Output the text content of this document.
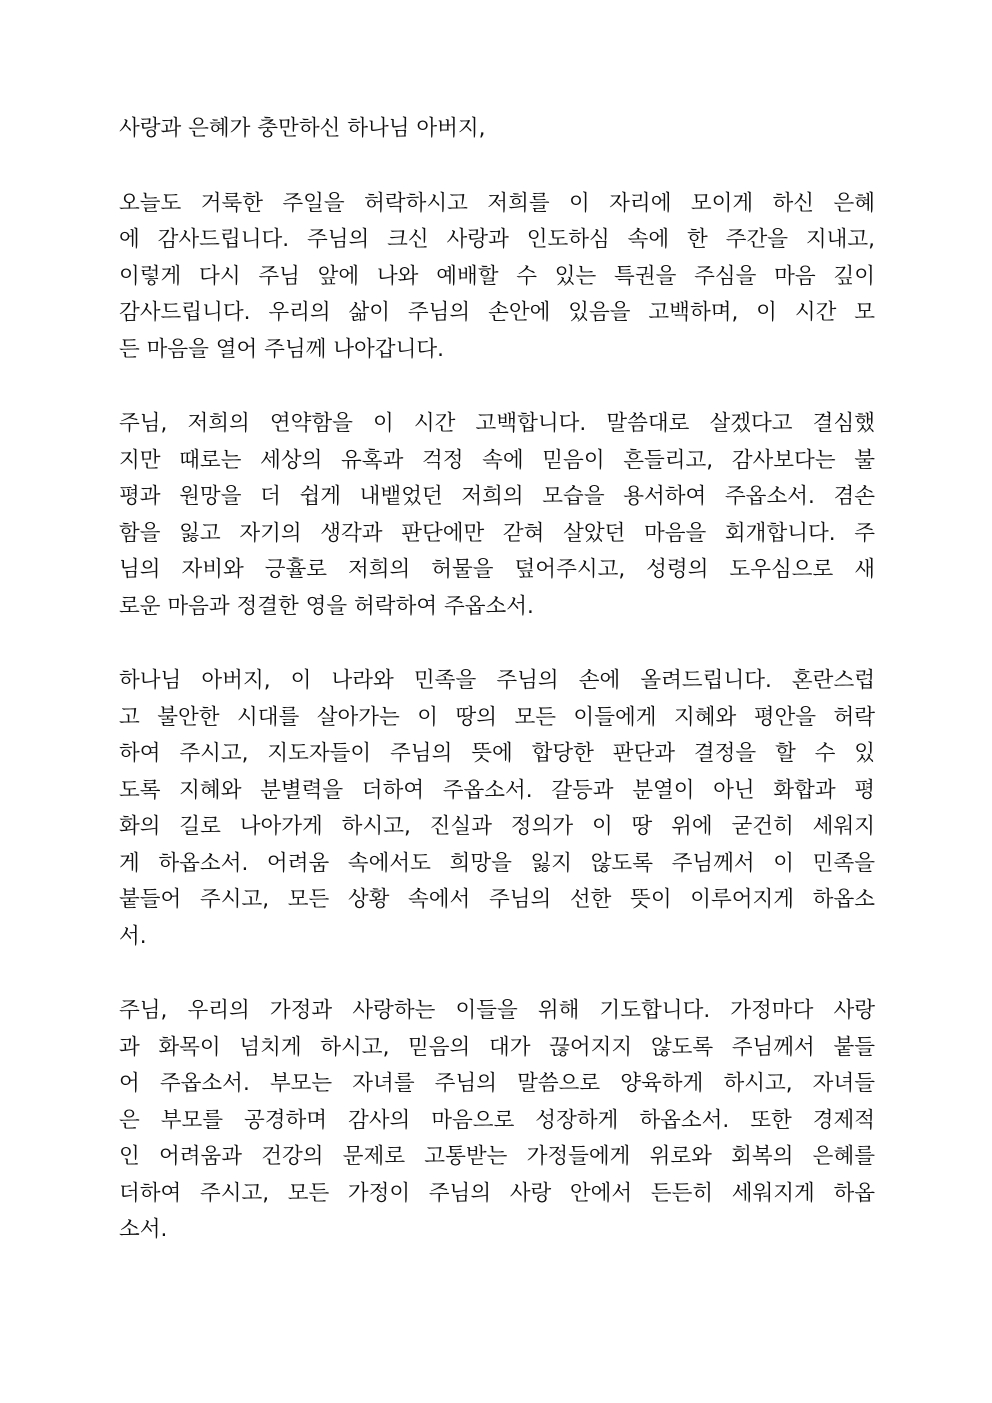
사랑과 은혜가 충만하신 하나님 아버지,

오늘도 거룩한 주일을 허락하시고 저희를 이 자리에 모이게 하신 은혜
에 감사드립니다. 주님의 크신 사랑과 인도하심 속에 한 주간을 지내고,
이렇게 다시 주님 앞에 나와 예배할 수 있는 특권을 주심을 마음 깊이
감사드립니다. 우리의 삶이 주님의 손안에 있음을 고백하며, 이 시간 모
든 마음을 열어 주님께 나아갑니다.

주님, 저희의 연약함을 이 시간 고백합니다. 말씀대로 살겠다고 결심했
지만 때로는 세상의 유혹과 걱정 속에 믿음이 흔들리고, 감사보다는 불
평과 원망을 더 쉽게 내뱉었던 저희의 모습을 용서하여 주옵소서. 겸손
함을 잃고 자기의 생각과 판단에만 갇혀 살았던 마음을 회개합니다. 주
님의 자비와 긍휼로 저희의 허물을 덮어주시고, 성령의 도우심으로 새
로운 마음과 정결한 영을 허락하여 주옵소서.

하나님 아버지, 이 나라와 민족을 주님의 손에 올려드립니다. 혼란스럽
고 불안한 시대를 살아가는 이 땅의 모든 이들에게 지혜와 평안을 허락
하여 주시고, 지도자들이 주님의 뜻에 합당한 판단과 결정을 할 수 있
도록 지혜와 분별력을 더하여 주옵소서. 갈등과 분열이 아닌 화합과 평
화의 길로 나아가게 하시고, 진실과 정의가 이 땅 위에 굳건히 세워지
게 하옵소서. 어려움 속에서도 희망을 잃지 않도록 주님께서 이 민족을
붙들어 주시고, 모든 상황 속에서 주님의 선한 뜻이 이루어지게 하옵소
서.

주님, 우리의 가정과 사랑하는 이들을 위해 기도합니다. 가정마다 사랑
과 화목이 넘치게 하시고, 믿음의 대가 끊어지지 않도록 주님께서 붙들
어 주옵소서. 부모는 자녀를 주님의 말씀으로 양육하게 하시고, 자녀들
은 부모를 공경하며 감사의 마음으로 성장하게 하옵소서. 또한 경제적
인 어려움과 건강의 문제로 고통받는 가정들에게 위로와 회복의 은혜를
더하여 주시고, 모든 가정이 주님의 사랑 안에서 든든히 세워지게 하옵
소서.
